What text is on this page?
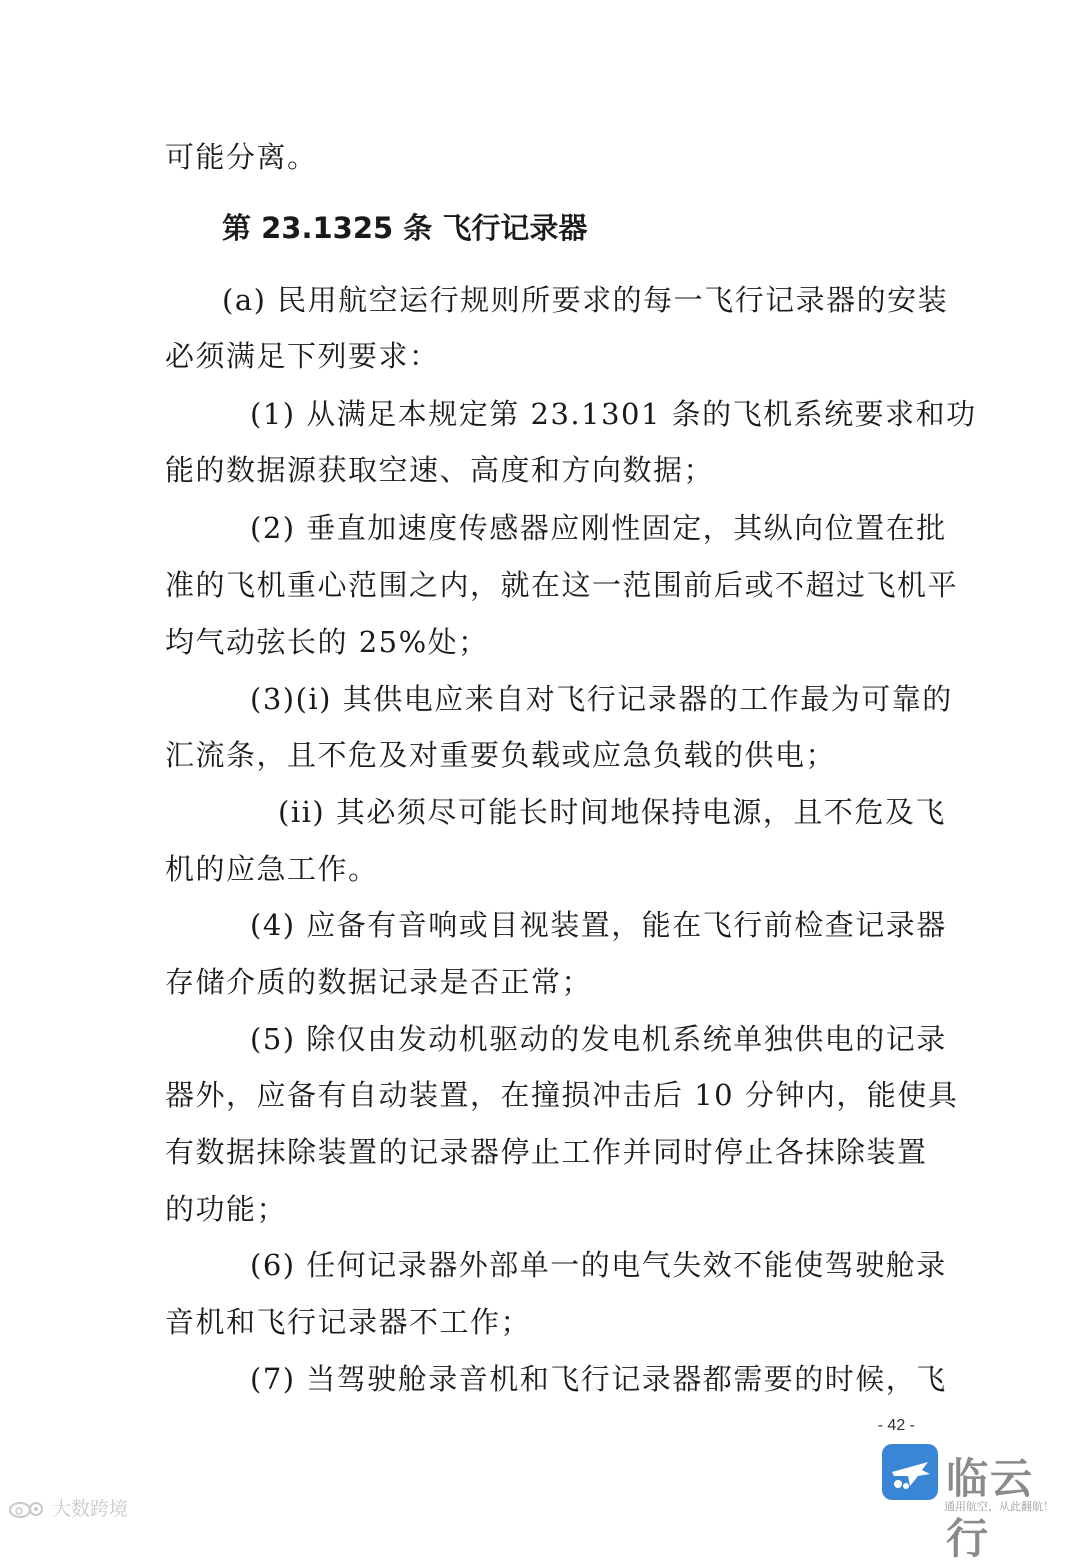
第 23.1325 条 飞行记录器
可能分离。
(a) 民用航空运行规则所要求的每一飞行记录器的安装
必须满足下列要求：
(1) 从满足本规定第 23.1301 条的飞机系统要求和功
能的数据源获取空速、高度和方向数据；
(2) 垂直加速度传感器应刚性固定，其纵向位置在批
准的飞机重心范围之内，就在这一范围前后或不超过飞机平
均气动弦长的 25%处；
(3)(i) 其供电应来自对飞行记录器的工作最为可靠的
汇流条，且不危及对重要负载或应急负载的供电；
(ii) 其必须尽可能长时间地保持电源，且不危及飞
机的应急工作。
(4) 应备有音响或目视装置，能在飞行前检查记录器
存储介质的数据记录是否正常；
(5) 除仅由发动机驱动的发电机系统单独供电的记录
器外，应备有自动装置，在撞损冲击后 10 分钟内，能使具
有数据抹除装置的记录器停止工作并同时停止各抹除装置
的功能；
(6) 任何记录器外部单一的电气失效不能使驾驶舱录
音机和飞行记录器不工作；
(7) 当驾驶舱录音机和飞行记录器都需要的时候，飞
- 42 -
大数跨境
临云行
通用航空，从此翻航！
